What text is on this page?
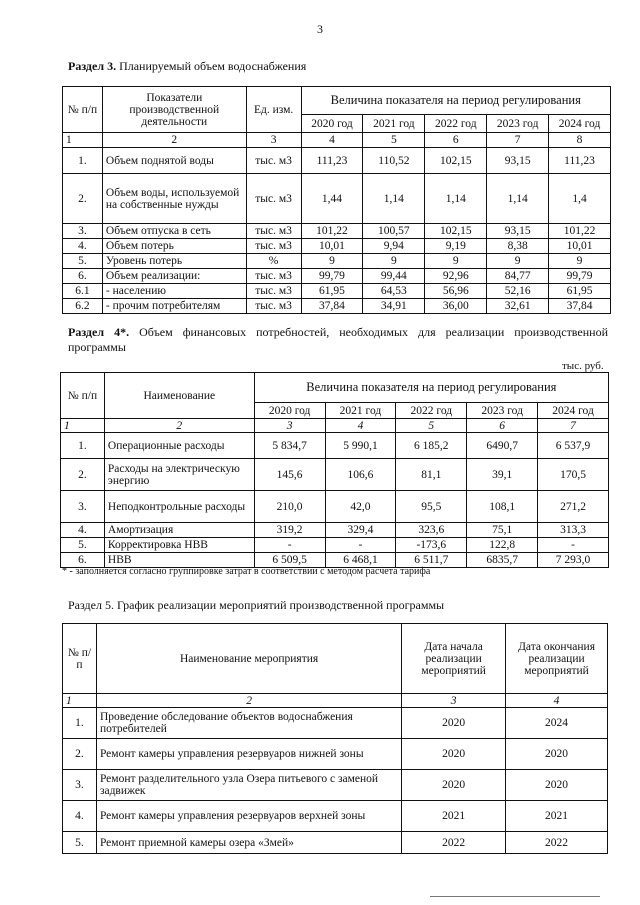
3
Раздел 3. Планируемый объем водоснабжения
№ п/п	Показатели производственной деятельности	Ед. изм.	Величина показателя на период регулирования				
			2020 год	2021 год	2022 год	2023 год	2024 год
1	2	3	4	5	6	7	8
1.	Объем поднятой воды	тыс. м3	111,23	110,52	102,15	93,15	111,23
2.	Объем воды, используемой на собственные нужды	тыс. м3	1,44	1,14	1,14	1,14	1,4
3.	Объем отпуска в сеть	тыс. м3	101,22	100,57	102,15	93,15	101,22
4.	Объем потерь	тыс. м3	10,01	9,94	9,19	8,38	10,01
5.	Уровень потерь	%	9	9	9	9	9
6.	Объем реализации:	тыс. м3	99,79	99,44	92,96	84,77	99,79
6.1	- населению	тыс. м3	61,95	64,53	56,96	52,16	61,95
6.2	- прочим потребителям	тыс. м3	37,84	34,91	36,00	32,61	37,84
Раздел 4*. Объем финансовых потребностей, необходимых для реализации производственной программы
тыс. руб.
№ п/п	Наименование	Величина показателя на период регулирования				
		2020 год	2021 год	2022 год	2023 год	2024 год
1	2	3	4	5	6	7
1.	Операционные расходы	5 834,7	5 990,1	6 185,2	6490,7	6 537,9
2.	Расходы на электрическую энергию	145,6	106,6	81,1	39,1	170,5
3.	Неподконтрольные расходы	210,0	42,0	95,5	108,1	271,2
4.	Амортизация	319,2	329,4	323,6	75,1	313,3
5.	Корректировка НВВ	-	-	-173,6	122,8	-
6.	НВВ	6 509,5	6 468,1	6 511,7	6835,7	7 293,0
* - заполняется согласно группировке затрат в соответствии с методом расчета тарифа
Раздел 5. График реализации мероприятий производственной программы
№ п/п	Наименование мероприятия	Дата начала реализации мероприятий	Дата окончания реализации мероприятий
1	2	3	4
1.	Проведение обследование объектов водоснабжения потребителей	2020	2024
2.	Ремонт камеры управления резервуаров нижней зоны	2020	2020
3.	Ремонт разделительного узла Озера питьевого с заменой задвижек	2020	2020
4.	Ремонт камеры управления резервуаров верхней зоны	2021	2021
5.	Ремонт приемной камеры озера «Змей»	2022	2022
